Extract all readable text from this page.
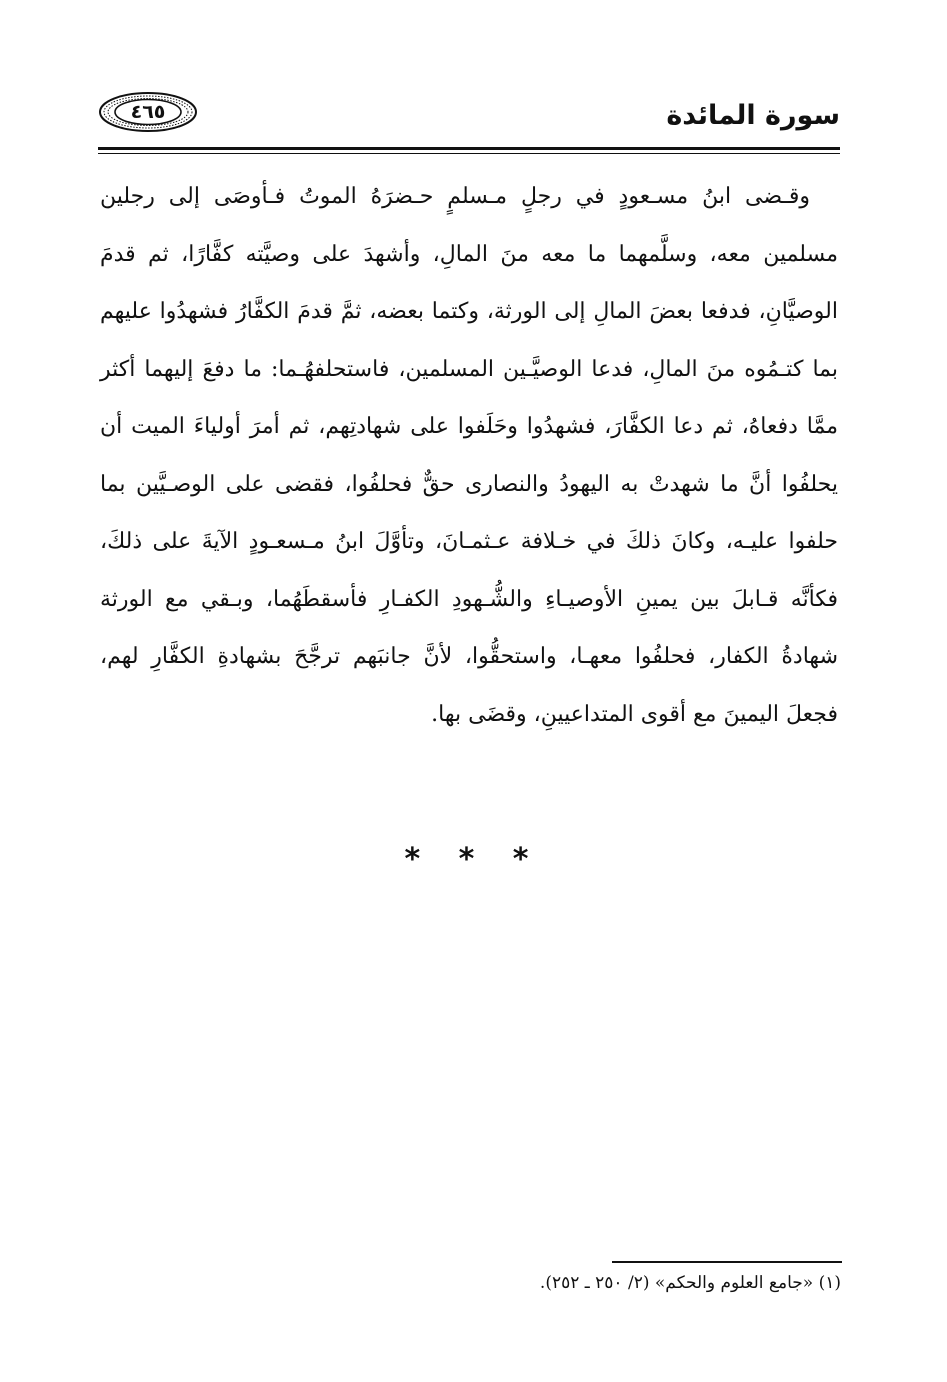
سورة المائدة
٤٦٥

وقـضى ابنُ مسـعودٍ في رجلٍ مـسلمٍ حـضرَهُ الموتُ فـأوصَى إلى رجلين مسلمين معه، وسلَّمهما ما معه منَ المالِ، وأشهدَ على وصيَّته كفَّارًا، ثم قدمَ الوصيَّانِ، فدفعا بعضَ المالِ إلى الورثة، وكتما بعضه، ثمَّ قدمَ الكفَّارُ فشهدُوا عليهم بما كتـمُوه منَ المالِ، فدعا الوصيَّـين المسلمين، فاستحلفهُـما: ما دفعَ إليهما أكثر ممَّا دفعاهُ، ثم دعا الكفَّارَ، فشهدُوا وحَلَفوا على شهادتِهم، ثم أمرَ أولياءَ الميت أن يحلفُوا أنَّ ما شهدتْ به اليهودُ والنصارى حقٌّ فحلفُوا، فقضى على الوصـيَّين بما حلفوا عليـه، وكانَ ذلكَ في خـلافة عـثمـانَ، وتأوَّلَ ابنُ مـسعـودٍ الآيةَ على ذلكَ، فكأنَّه قـابلَ بين يمينِ الأوصيـاءِ والشُّـهودِ الكفـارِ فأسقطَهُما، وبـقي مع الورثة شهادةُ الكفار، فحلفُوا معهـا، واستحقُّوا، لأنَّ جانبَهم ترجَّحَ بشهادةِ الكفَّارِ لهم، فجعلَ اليمينَ مع أقوى المتداعيينِ، وقضَى بها.

* * *
(١) «جامع العلوم والحكم» (٢/ ٢٥٠ ـ ٢٥٢).
